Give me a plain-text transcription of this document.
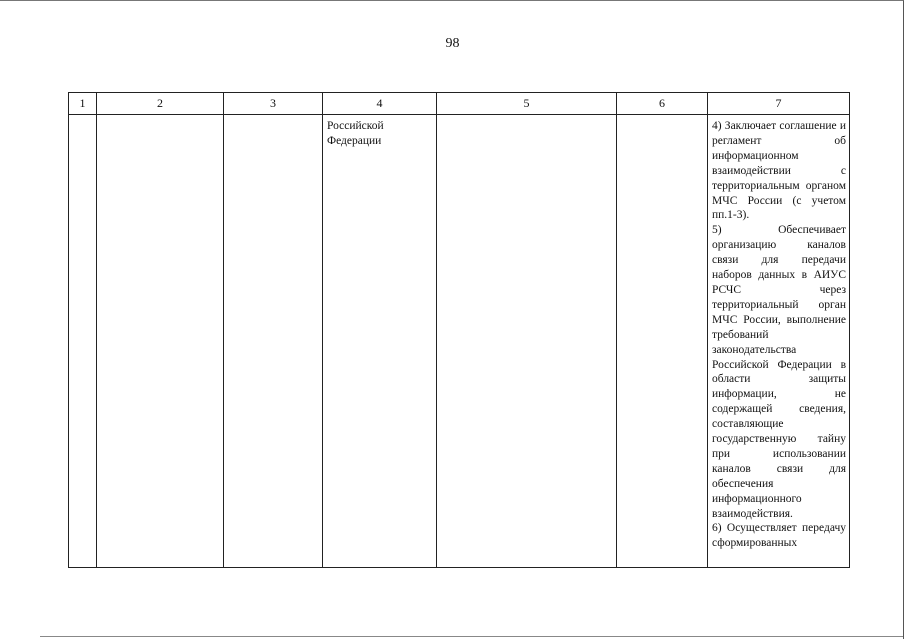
98
1	2	3	4	5	6	7

			Российской Федерации			4) Заключает соглашение и регламент об информационном взаимодействии с территориальным органом МЧС России (с учетом пп.1-3).

5) Обеспечивает организацию каналов связи для передачи наборов данных в АИУС РСЧС через территориальный орган МЧС России, выполнение требований законодательства Российской Федерации в области защиты информации, не содержащей сведения, составляющие государственную тайну при использовании каналов связи для обеспечения информационного взаимодействия.

6) Осуществляет передачу сформированных
